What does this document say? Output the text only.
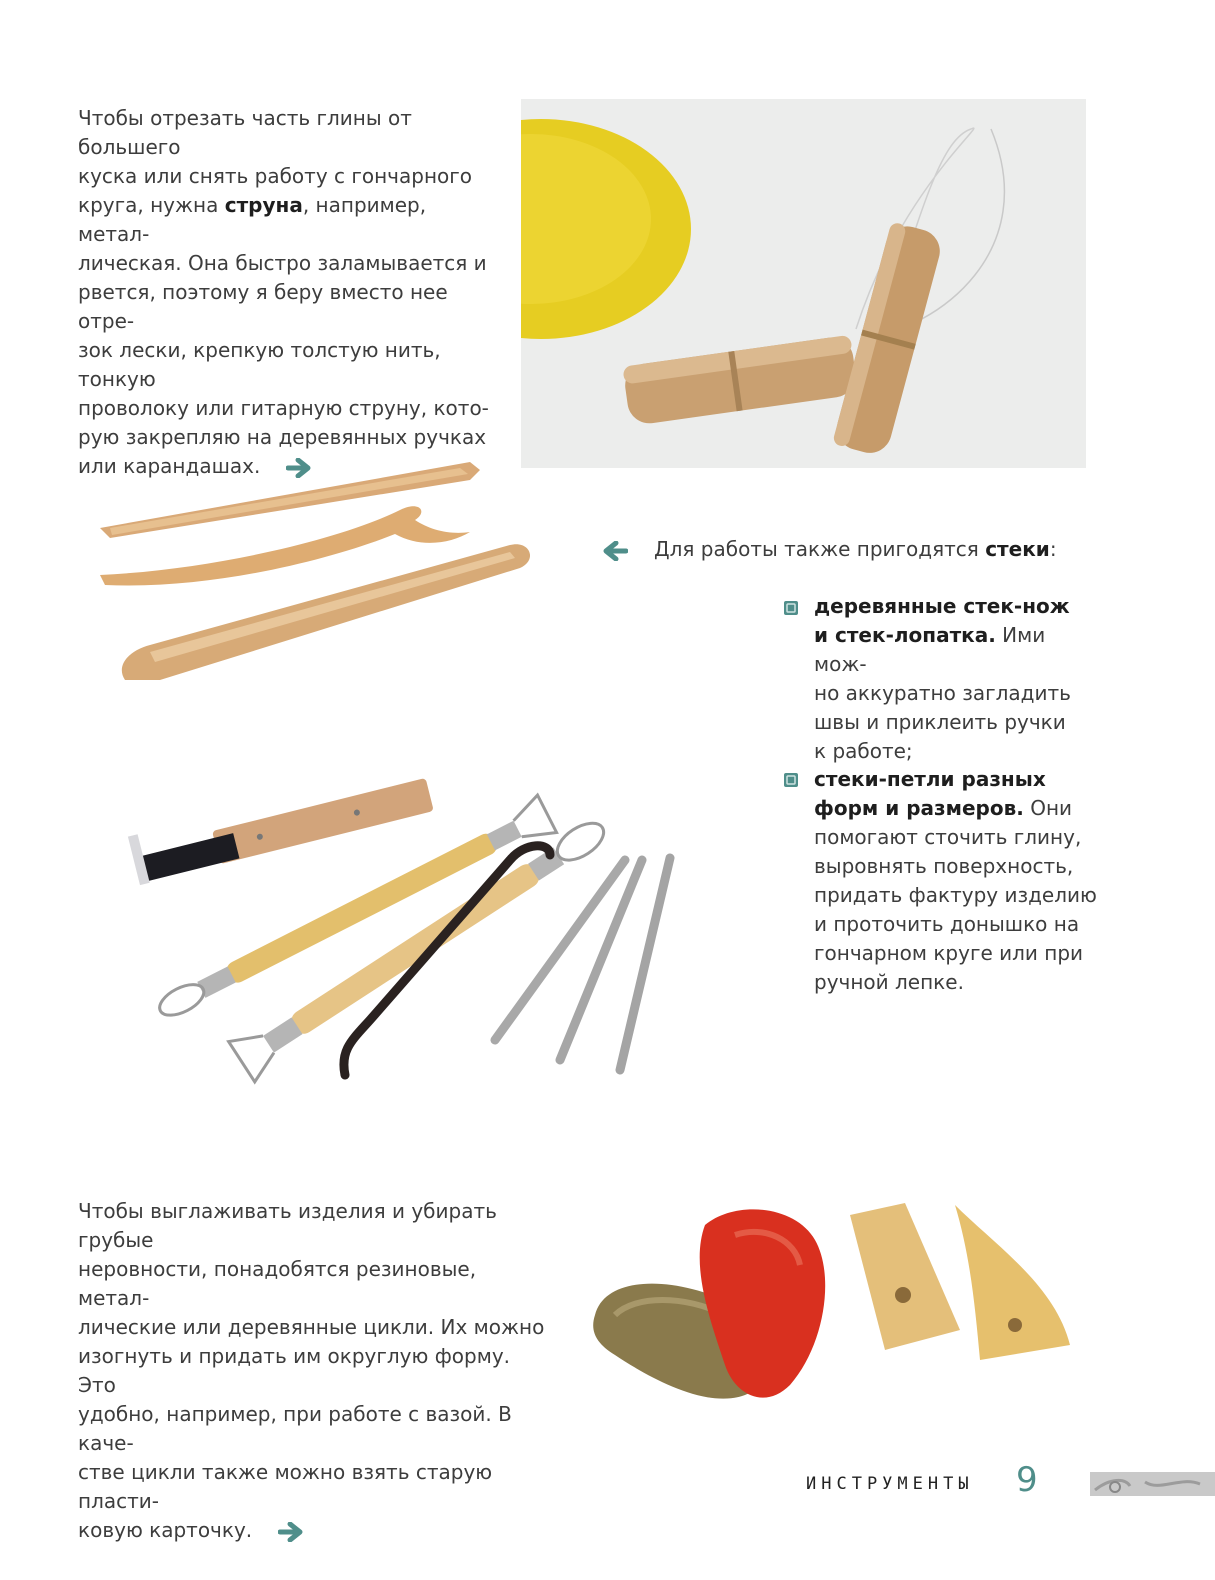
Чтобы отрезать часть глины от большего
куска или снять работу с гончарного
круга, нужна струна, например, метал-
лическая. Она быстро заламывается и
рвется, поэтому я беру вместо нее отре-
зок лески, крепкую толстую нить, тонкую
проволоку или гитарную струну, кото-
рую закрепляю на деревянных ручках
или карандашах.
Для работы также пригодятся стеки:
деревянные стек-нож
и стек-лопатка. Ими мож-
но аккуратно загладить
швы и приклеить ручки
к работе;
стеки-петли разных
форм и размеров. Они
помогают сточить глину,
выровнять поверхность,
придать фактуру изделию
и проточить донышко на
гончарном круге или при
ручной лепке.
Чтобы выглаживать изделия и убирать грубые
неровности, понадобятся резиновые, метал-
лические или деревянные цикли. Их можно
изогнуть и придать им округлую форму. Это
удобно, например, при работе с вазой. В каче-
стве цикли также можно взять старую пласти-
ковую карточку.
ИНСТРУМЕНТЫ 9
